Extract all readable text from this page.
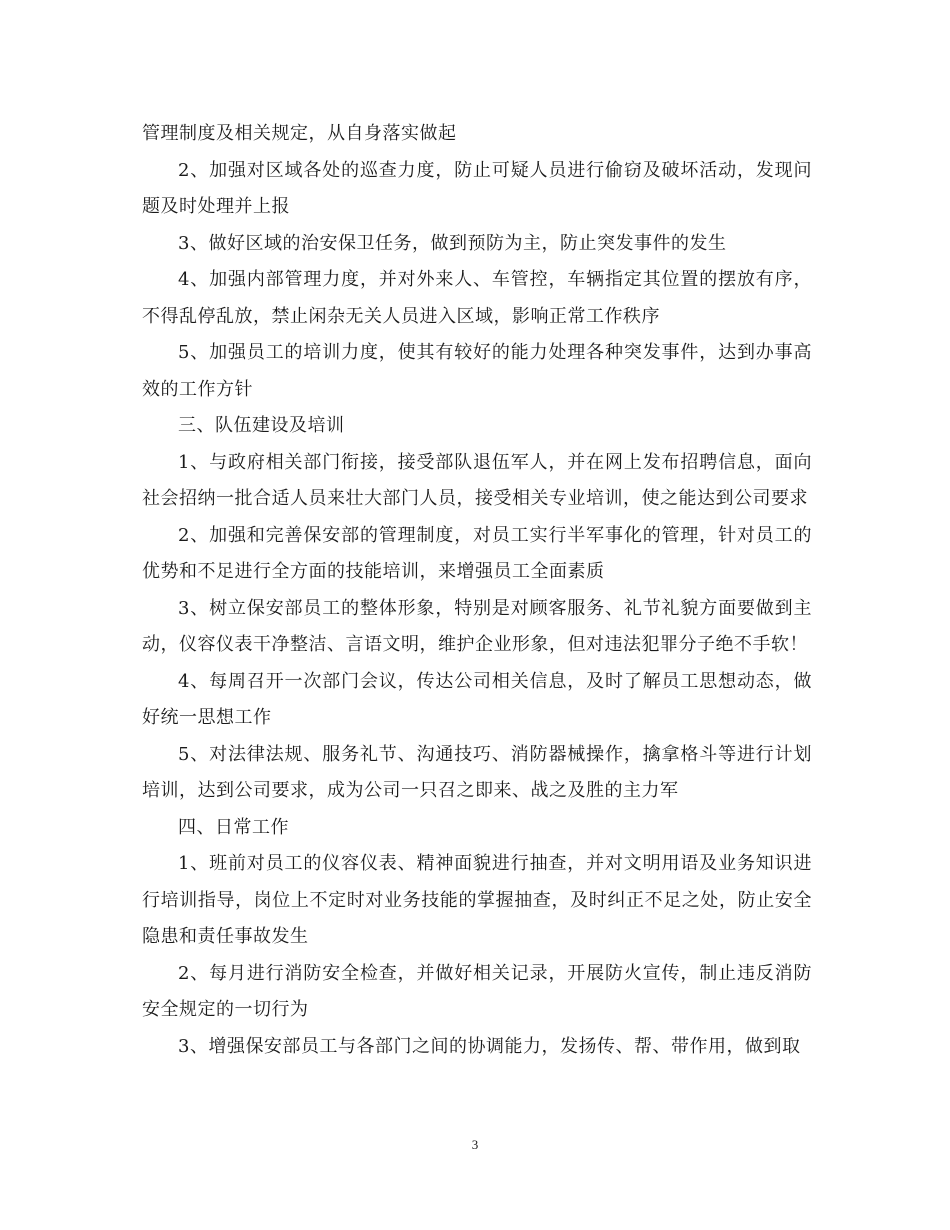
管理制度及相关规定，从自身落实做起

2、加强对区域各处的巡查力度，防止可疑人员进行偷窃及破坏活动，发现问题及时处理并上报

3、做好区域的治安保卫任务，做到预防为主，防止突发事件的发生

4、加强内部管理力度，并对外来人、车管控，车辆指定其位置的摆放有序，不得乱停乱放，禁止闲杂无关人员进入区域，影响正常工作秩序

5、加强员工的培训力度，使其有较好的能力处理各种突发事件，达到办事高效的工作方针

三、队伍建设及培训

1、与政府相关部门衔接，接受部队退伍军人，并在网上发布招聘信息，面向社会招纳一批合适人员来壮大部门人员，接受相关专业培训，使之能达到公司要求

2、加强和完善保安部的管理制度，对员工实行半军事化的管理，针对员工的优势和不足进行全方面的技能培训，来增强员工全面素质

3、树立保安部员工的整体形象，特别是对顾客服务、礼节礼貌方面要做到主动，仪容仪表干净整洁、言语文明，维护企业形象，但对违法犯罪分子绝不手软！

4、每周召开一次部门会议，传达公司相关信息，及时了解员工思想动态，做好统一思想工作

5、对法律法规、服务礼节、沟通技巧、消防器械操作，擒拿格斗等进行计划培训，达到公司要求，成为公司一只召之即来、战之及胜的主力军

四、日常工作

1、班前对员工的仪容仪表、精神面貌进行抽查，并对文明用语及业务知识进行培训指导，岗位上不定时对业务技能的掌握抽查，及时纠正不足之处，防止安全隐患和责任事故发生

2、每月进行消防安全检查，并做好相关记录，开展防火宣传，制止违反消防安全规定的一切行为

3、增强保安部员工与各部门之间的协调能力，发扬传、帮、带作用，做到取

3
